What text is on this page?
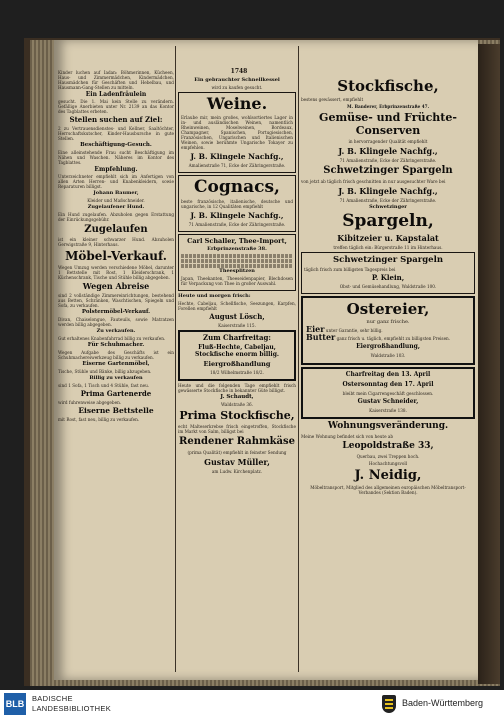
1748
Kinder luchen auf Iadan: Böhmerinnen, Kücheen, Haus- und Zimmermädchen, Kindermädchen, Hausmädchen für Geschäften und Hebelbau, und Hausmann-Gang-Stellen zu mitteln.
Ein Ladenfräulein
gesucht. Die 1. Mai kein Stelle zu verändern. Gefällige Anerbieten unter Nr. 2139 an das Kontor des Tagblattes erbeten.
Stellen suchen auf Ziel:
2 zu Vertrauensdienstes- und Kellner, Saaltöchter, Herrschaftskutscher, Kinder-Hausbursche in gute Stellen.
Beschäftigung-Gesuch.
Eine alleinstehende Frau sucht Beschäftigung im Nähen und Waschen. Näheres im Kontor des Tagblattes.
Empfehlung.
Unterzeichneter empfiehlt sich im Anfertigen von allen Arten Herren- und Knabenkleidern, sowie Reparaturen billigst.
Johann Baumer,
Kleider und Maßschneider.
Zugelaufener Hund.
Ein Hund zugelaufen. Abzuholen gegen Erstattung der Einrückungsgebühr.
Zugelaufen
ist ein kleiner schwarzer Hund. Abzuholen Gerwigstraße 9, Hinterhaus.
Möbel-Verkauf.
Wegen Umzug werden verschiedene Möbel, darunter 1 Bettstelle mit Rost, 1 Kleiderschrank, 1 Küchenschrank, Tische und Stühle billig abgegeben.
Wegen Abreise
sind 2 vollständige Zimmereinrichtungen, bestehend aus Betten, Schränken, Waschtischen, Spiegeln und Sofa, zu verkaufen.
Polstermöbel-Verkauf.
Divan, Chaiselongue, Fauteuils, sowie Matratzen werden billig abgegeben.
Zu verkaufen.
Gut erhaltenes Knabenfahrrad billig zu verkaufen.
Für Schuhmacher.
Wegen Aufgabe des Geschäfts ist ein Schuhmachereiwerkzeug billig zu verkaufen.
Eiserne Gartenmöbel,
Tische, Stühle und Bänke, billig abzugeben.
Billig zu verkaufen
sind 1 Sofa, 1 Tisch und 4 Stühle, fast neu.
Prima Gartenerde
wird fuhrenweise abgegeben.
Eiserne Bettstelle
mit Rost, fast neu, billig zu verkaufen.
Ein gebrauchter Schnellkessel
wird zu kaufen gesucht.
Weine.
Erlaube mir, mein großes, wohlsortiertes Lager in in- und ausländischen Weinen, namentlich Rheinweinen, Moselweinen, Bordeaux, Champagner, Spanischen, Portugiesischen, Französischen, Ungarischen und Italienischen Weinen, sowie berühmte Ungarische Tokayer zu empfehlen.
J. B. Klingele Nachfg.,
Amalienstraße 71, Ecke der Zähringerstraße.
Cognacs,
beste französische, italienische, deutsche und ungarische, in 12 Qualitäten empfiehlt
J. B. Klingele Nachfg.,
71 Amalienstraße, Ecke der Zähringerstraße.
Carl Schaller, Thee-Import,
Erbprinzenstraße 38.
Theesplitzen
Japan, Theekanten, Theeseidenpapier, Blechdosen für Verpackung von Thee in großer Auswahl.
Heute und morgen frisch:
Hechte, Cabeljau, Schellfische, Seezungen, Karpfen, Forellen empfiehlt
August Lösch,
Kaiserstraße 115.
Zum Charfreitag:
Fluß-Hechte, Cabeljau, Stockfische enorm billig.
Eiergroßhandlung
18/2 Wilhelmstraße 18/2.
Heute und die folgenden Tage empfiehlt frisch gewässerte Stockfische in bekannter Güte billigst.
J. Schaudt,
Waldstraße 36.
Prima Stockfische,
echt Malteserkrebse frisch eingetroffen, Stockfische im Markt von Salm, billigst bei
Rendener Rahmkäse
(prima Qualität) empfiehlt in feinster Sendung
Gustav Müller,
am Ludw. Kirchenplatz.
Stockfische,
bestens gewässert, empfiehlt
M. Banderer, Erbprinzenstraße 47.
Gemüse- und Früchte-Conserven
in hervorragender Qualität empfiehlt
J. B. Klingele Nachfg.,
71 Amalienstraße, Ecke der Zähringerstraße.
Schwetzinger Spargeln
von jetzt ab täglich frisch geschnitten in nur ausgesuchter Ware bei
J. B. Klingele Nachfg.,
71 Amalienstraße, Ecke der Zähringerstraße.
Schwetzinger
Spargeln,
Kibitzeier u. Kapstalat
treffen täglich ein: Bürgerstraße 11 im Hinterhaus.
Schwetzinger Spargeln
täglich frisch zum billigsten Tagespreis bei
P. Klein,
Obst- und Gemüsehandlung, Waldstraße 100.
Ostereier,
nur ganz frische.
Eier unter Garantie, sehr billig.
Butter ganz frisch u. täglich, empfiehlt zu billigsten Preisen.
Eiergroßhandlung,
Waldstraße 103.
Charfreitag den 13. April
Ostersonntag den 17. April
bleibt mein Cigarrengeschäft geschlossen.
Gustav Schneider,
Kaiserstraße 138.
Wohnungsveränderung.
Meine Wohnung befindet sich von heute ab
Leopoldstraße 33,
Querbau, zwei Treppen hoch.
Hochachtungsvoll
J. Neidig,
Möbeltransport, Mitglied des allgemeinen europäischen Möbeltransport-Verbandes (Sektion Baden).
BLB
BADISCHE
LANDESBIBLIOTHEK
Baden-Württemberg
